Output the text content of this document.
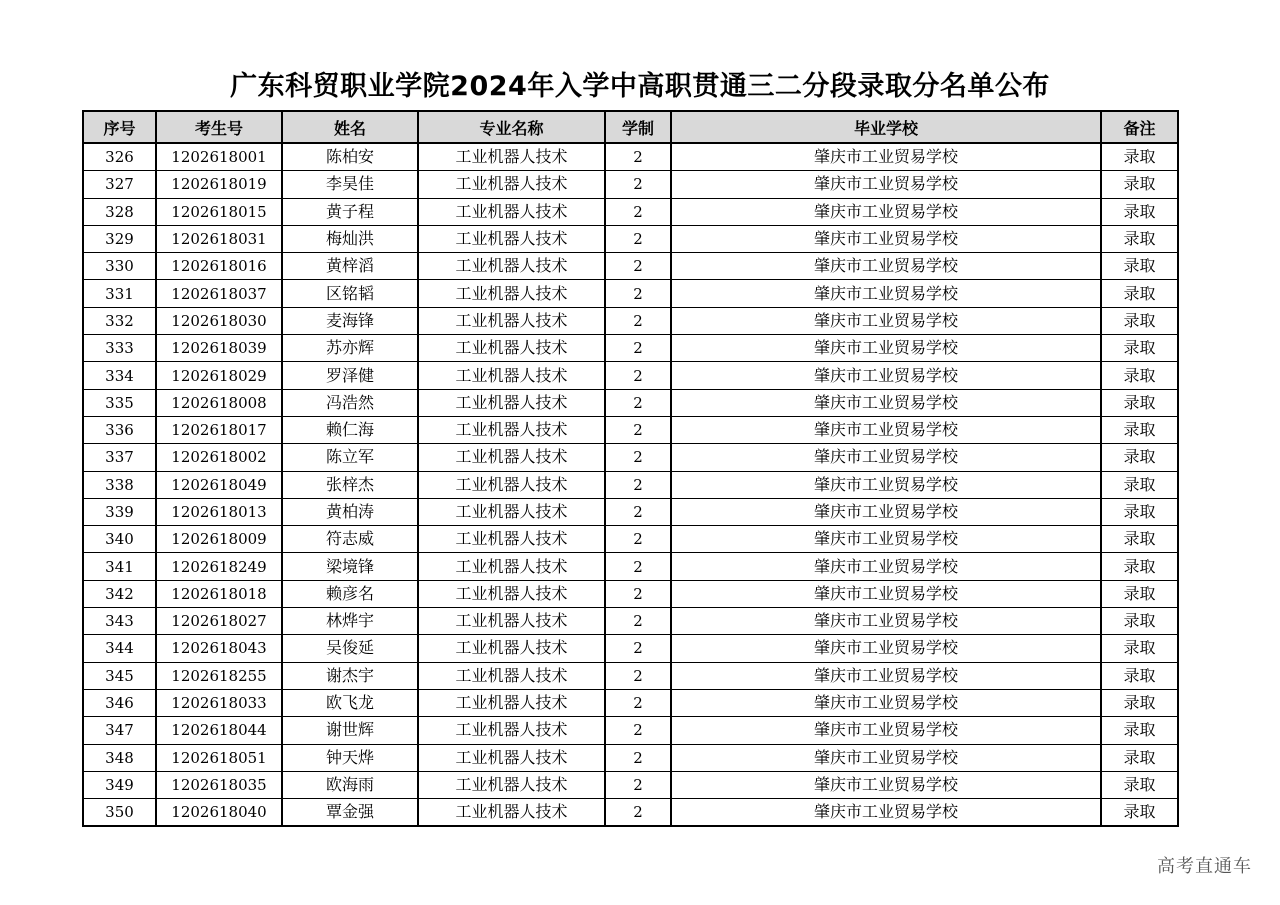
广东科贸职业学院2024年入学中高职贯通三二分段录取分名单公布
序号	考生号	姓名	专业名称	学制	毕业学校	备注
326	1202618001	陈柏安	工业机器人技术	2	肇庆市工业贸易学校	录取
327	1202618019	李昊佳	工业机器人技术	2	肇庆市工业贸易学校	录取
328	1202618015	黄子程	工业机器人技术	2	肇庆市工业贸易学校	录取
329	1202618031	梅灿洪	工业机器人技术	2	肇庆市工业贸易学校	录取
330	1202618016	黄梓滔	工业机器人技术	2	肇庆市工业贸易学校	录取
331	1202618037	区铭韬	工业机器人技术	2	肇庆市工业贸易学校	录取
332	1202618030	麦海锋	工业机器人技术	2	肇庆市工业贸易学校	录取
333	1202618039	苏亦辉	工业机器人技术	2	肇庆市工业贸易学校	录取
334	1202618029	罗泽健	工业机器人技术	2	肇庆市工业贸易学校	录取
335	1202618008	冯浩然	工业机器人技术	2	肇庆市工业贸易学校	录取
336	1202618017	赖仁海	工业机器人技术	2	肇庆市工业贸易学校	录取
337	1202618002	陈立军	工业机器人技术	2	肇庆市工业贸易学校	录取
338	1202618049	张梓杰	工业机器人技术	2	肇庆市工业贸易学校	录取
339	1202618013	黄柏涛	工业机器人技术	2	肇庆市工业贸易学校	录取
340	1202618009	符志威	工业机器人技术	2	肇庆市工业贸易学校	录取
341	1202618249	梁境锋	工业机器人技术	2	肇庆市工业贸易学校	录取
342	1202618018	赖彦名	工业机器人技术	2	肇庆市工业贸易学校	录取
343	1202618027	林烨宇	工业机器人技术	2	肇庆市工业贸易学校	录取
344	1202618043	吴俊延	工业机器人技术	2	肇庆市工业贸易学校	录取
345	1202618255	谢杰宇	工业机器人技术	2	肇庆市工业贸易学校	录取
346	1202618033	欧飞龙	工业机器人技术	2	肇庆市工业贸易学校	录取
347	1202618044	谢世辉	工业机器人技术	2	肇庆市工业贸易学校	录取
348	1202618051	钟天烨	工业机器人技术	2	肇庆市工业贸易学校	录取
349	1202618035	欧海雨	工业机器人技术	2	肇庆市工业贸易学校	录取
350	1202618040	覃金强	工业机器人技术	2	肇庆市工业贸易学校	录取
高考直通车
